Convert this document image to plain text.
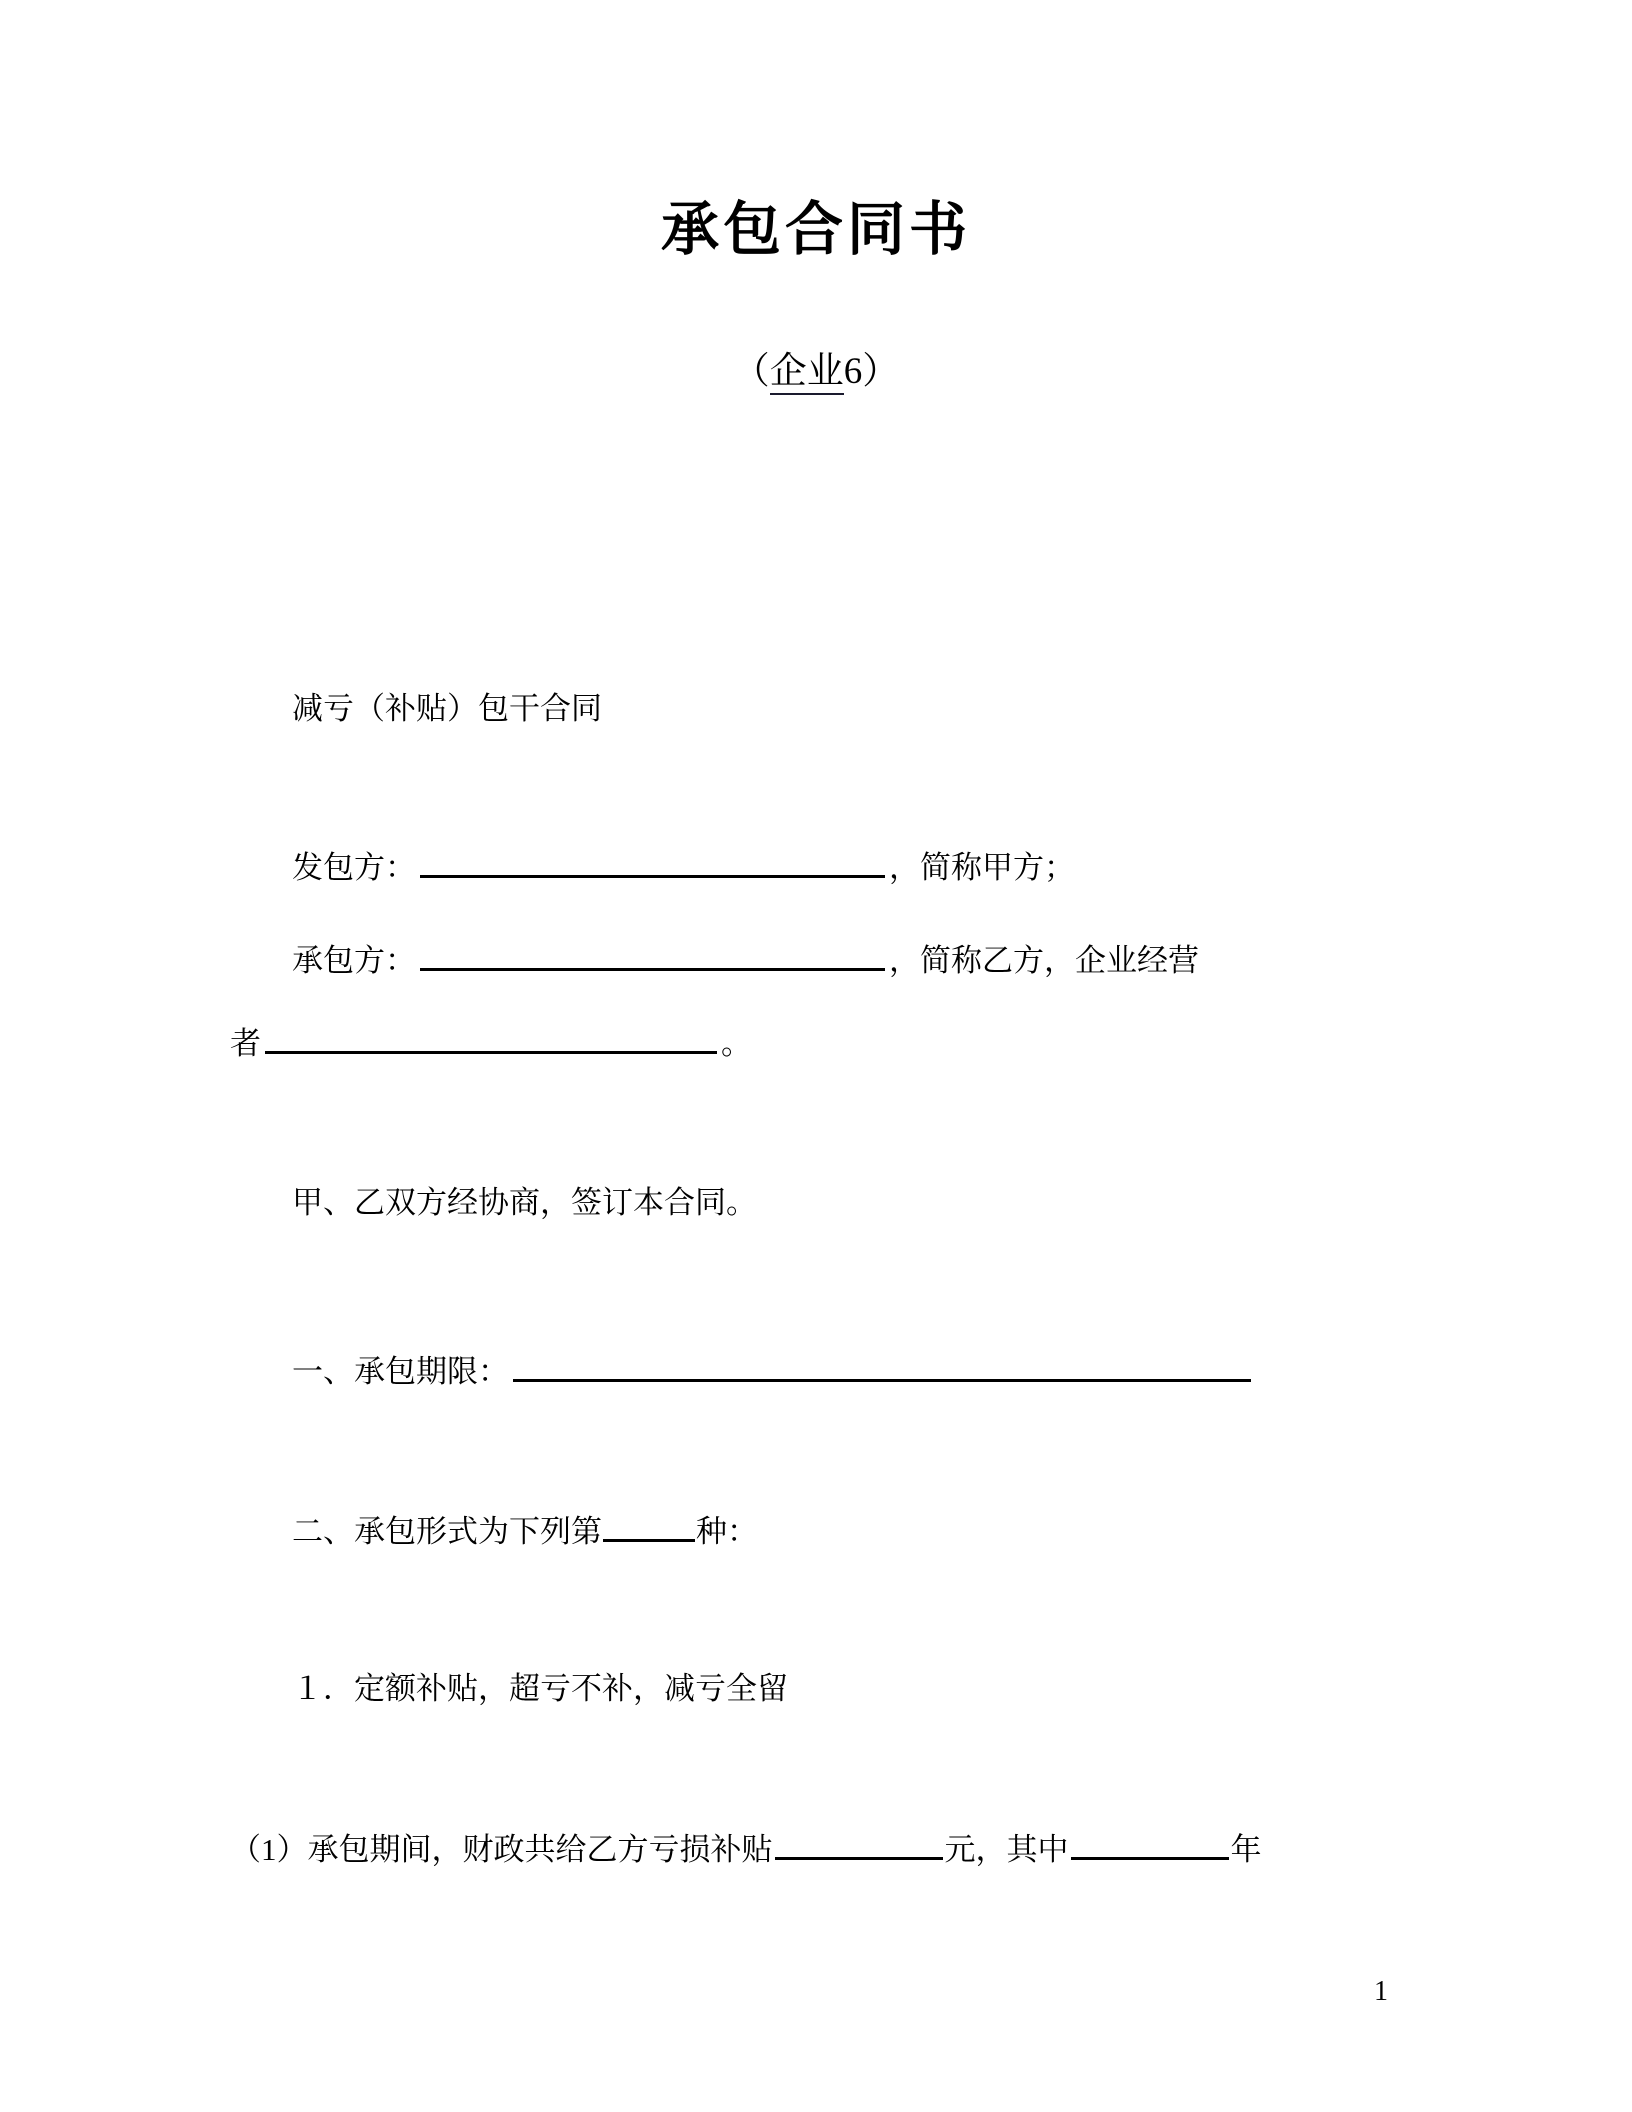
承包合同书
（企业6）
减亏（补贴）包干合同
发包方：	，简称甲方；
承包方：	，简称乙方，企业经营
者	。
甲、乙双方经协商，签订本合同。
一、承包期限：
二、承包形式为下列第	种：
１．定额补贴，超亏不补，减亏全留
（1）承包期间，财政共给乙方亏损补贴	元，其中	年
1
